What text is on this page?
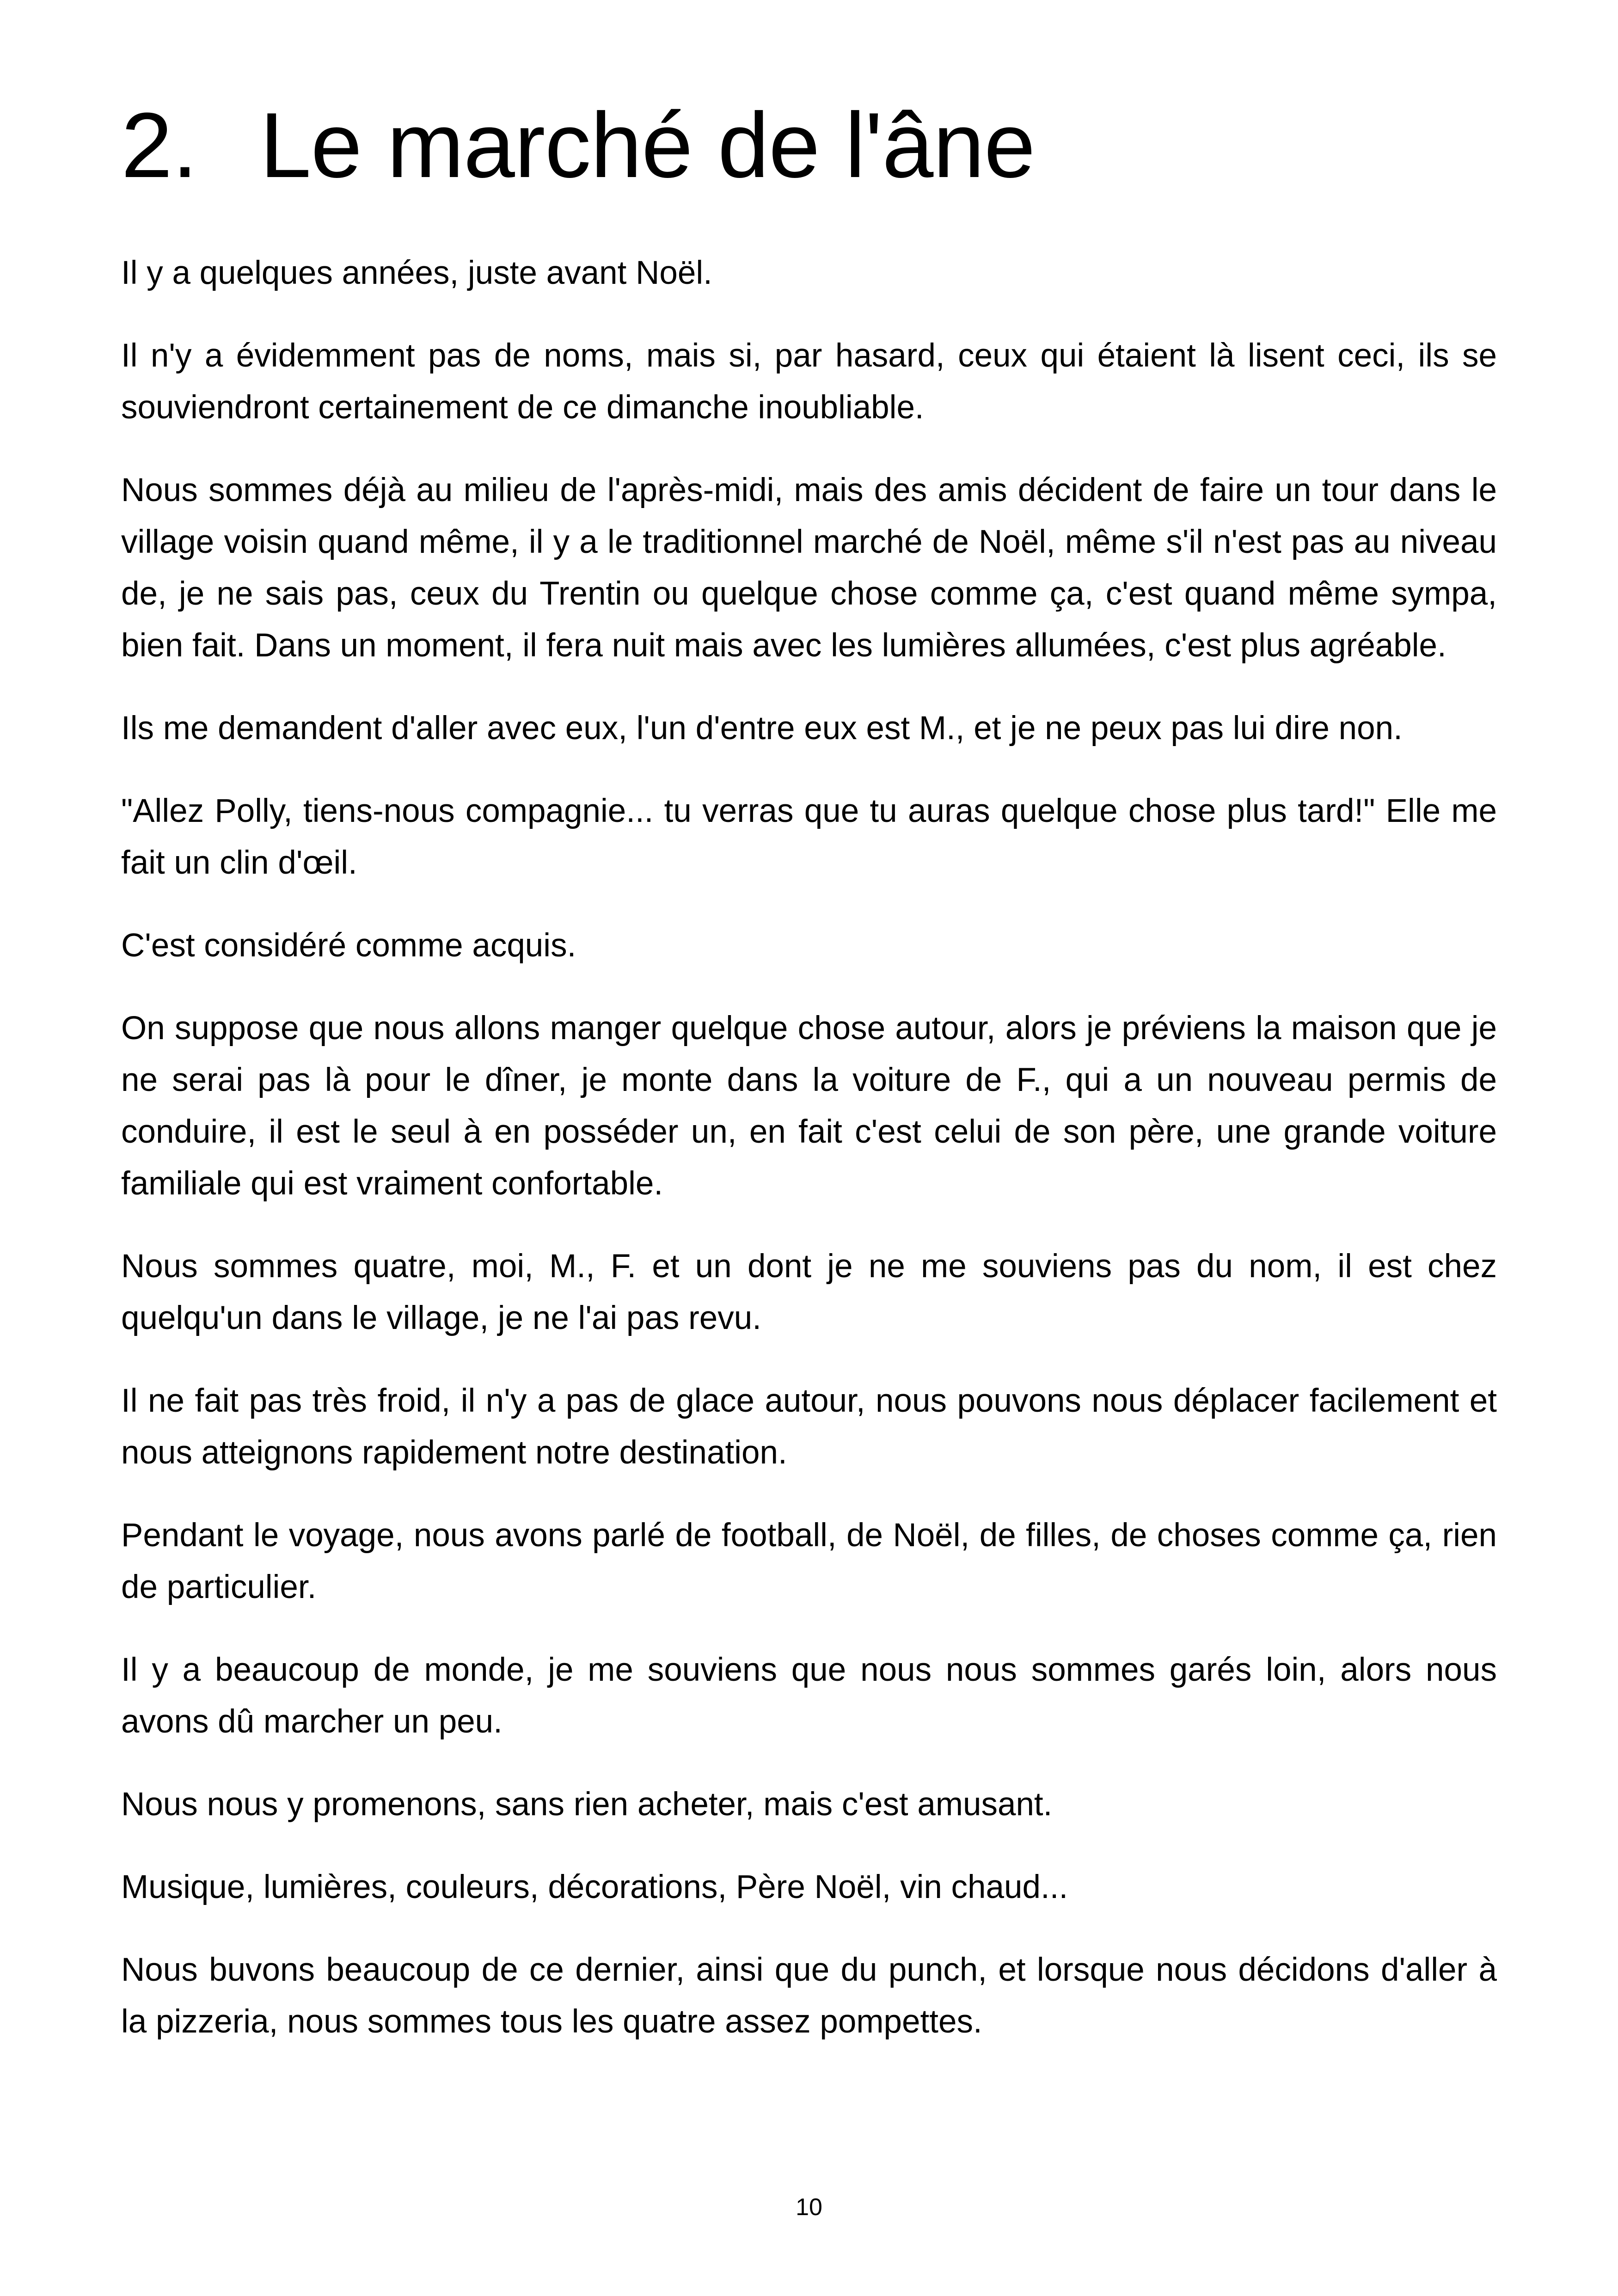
2. Le marché de l'âne

Il y a quelques années, juste avant Noël.

Il n'y a évidemment pas de noms, mais si, par hasard, ceux qui étaient là lisent ceci, ils se souviendront certainement de ce dimanche inoubliable.

Nous sommes déjà au milieu de l'après-midi, mais des amis décident de faire un tour dans le village voisin quand même, il y a le traditionnel marché de Noël, même s'il n'est pas au niveau de, je ne sais pas, ceux du Trentin ou quelque chose comme ça, c'est quand même sympa, bien fait. Dans un moment, il fera nuit mais avec les lumières allumées, c'est plus agréable.

Ils me demandent d'aller avec eux, l'un d'entre eux est M., et je ne peux pas lui dire non.

"Allez Polly, tiens-nous compagnie... tu verras que tu auras quelque chose plus tard!" Elle me fait un clin d'œil.

C'est considéré comme acquis.

On suppose que nous allons manger quelque chose autour, alors je préviens la maison que je ne serai pas là pour le dîner, je monte dans la voiture de F., qui a un nouveau permis de conduire, il est le seul à en posséder un, en fait c'est celui de son père, une grande voiture familiale qui est vraiment confortable.

Nous sommes quatre, moi, M., F. et un dont je ne me souviens pas du nom, il est chez quelqu'un dans le village, je ne l'ai pas revu.

Il ne fait pas très froid, il n'y a pas de glace autour, nous pouvons nous déplacer facilement et nous atteignons rapidement notre destination.

Pendant le voyage, nous avons parlé de football, de Noël, de filles, de choses comme ça, rien de particulier.

Il y a beaucoup de monde, je me souviens que nous nous sommes garés loin, alors nous avons dû marcher un peu.

Nous nous y promenons, sans rien acheter, mais c'est amusant.

Musique, lumières, couleurs, décorations, Père Noël, vin chaud...

Nous buvons beaucoup de ce dernier, ainsi que du punch, et lorsque nous décidons d'aller à la pizzeria, nous sommes tous les quatre assez pompettes.

10
